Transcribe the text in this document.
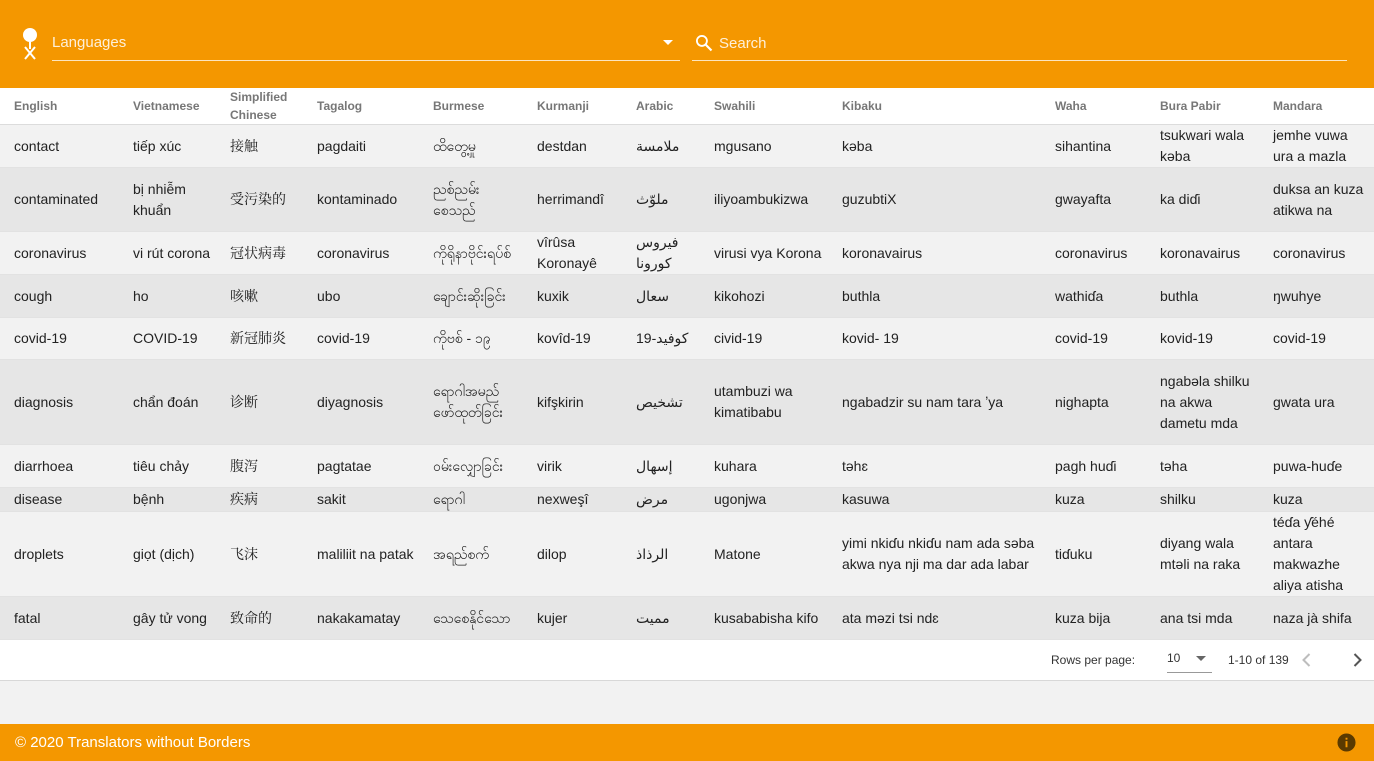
Languages
Search
English	Vietnamese	Simplified Chinese	Tagalog	Burmese	Kurmanji	Arabic	Swahili	Kibaku	Waha	Bura Pabir	Mandara
contact	tiếp xúc	接触	pagdaiti	ထိတွေ့မှု	destdan	ملامسة	mgusano	kəba	sihantina	tsukwari wala kəba	jemhe vuwa ura a mazla
contaminated	bị nhiễm khuẩn	受污染的	kontaminado	ညစ်ညမ်းစေသည်	herrimandî	ملوّث	iliyoambukizwa	guzubtiX	gwayafta	ka diɗi	duksa an kuza atikwa na
coronavirus	vi rút corona	冠状病毒	coronavirus	ကိုရိုနာဗိုင်းရပ်စ်	vîrûsa Koronayê	فيروس كورونا	virusi vya Korona	koronavairus	coronavirus	koronavairus	coronavirus
cough	ho	咳嗽	ubo	ချောင်းဆိုးခြင်း	kuxik	سعال	kikohozi	buthla	wathiɗa	buthla	ŋwuhye
covid-19	COVID-19	新冠肺炎	covid-19	ကိုဗစ် - ၁၉	kovîd-19	كوفيد-19	civid-19	kovid- 19	covid-19	kovid-19	covid-19
diagnosis	chẩn đoán	诊断	diyagnosis	ရောဂါအမည်ဖော်ထုတ်ခြင်း	kifşkirin	تشخيص	utambuzi wa kimatibabu	ngabadzir su nam tara ʼya	nighapta	ngabəla shilku na akwa dametu mda	gwata ura
diarrhoea	tiêu chảy	腹泻	pagtatae	ဝမ်းလျှောခြင်း	virik	إسهال	kuhara	təhɛ	pagh huɗi	təha	puwa-huɗe
disease	bệnh	疾病	sakit	ရောဂါ	nexweşî	مرض	ugonjwa	kasuwa	kuza	shilku	kuza
droplets	giọt (dịch)	飞沫	maliliit na patak	အရည်စက်	dilop	الرذاذ	Matone	yimi nkiɗu nkiɗu nam ada səba akwa nya nji ma dar ada labar	tiɗuku	diyang wala mtəli na raka	téɗa ƴéhé antara makwazhe aliya atisha
fatal	gây tử vong	致命的	nakakamatay	သေစေနိုင်သော	kujer	مميت	kusababisha kifo	ata məzi tsi ndɛ	kuza bija	ana tsi mda	naza jà shifa
Rows per page:	10	1-10 of 139
© 2020 Translators without Borders
